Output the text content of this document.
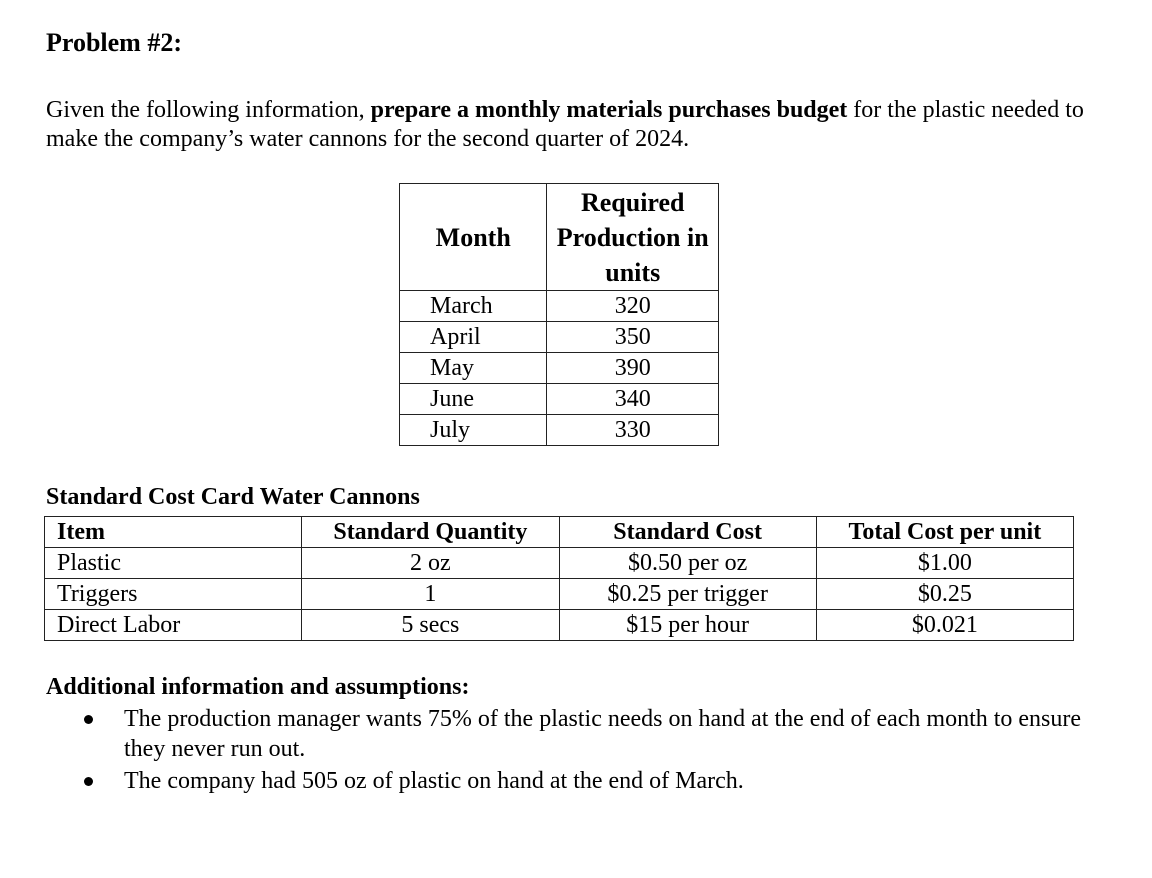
Problem #2:
Given the following information, prepare a monthly materials purchases budget for the plastic needed to make the company’s water cannons for the second quarter of 2024.
Month	Required Production in units
March	320
April	350
May	390
June	340
July	330
Standard Cost Card Water Cannons
Item	Standard Quantity	Standard Cost	Total Cost per unit
Plastic	2 oz	$0.50 per oz	$1.00
Triggers	1	$0.25 per trigger	$0.25
Direct Labor	5 secs	$15 per hour	$0.021
Additional information and assumptions:
The production manager wants 75% of the plastic needs on hand at the end of each month to ensure they never run out.
The company had 505 oz of plastic on hand at the end of March.
